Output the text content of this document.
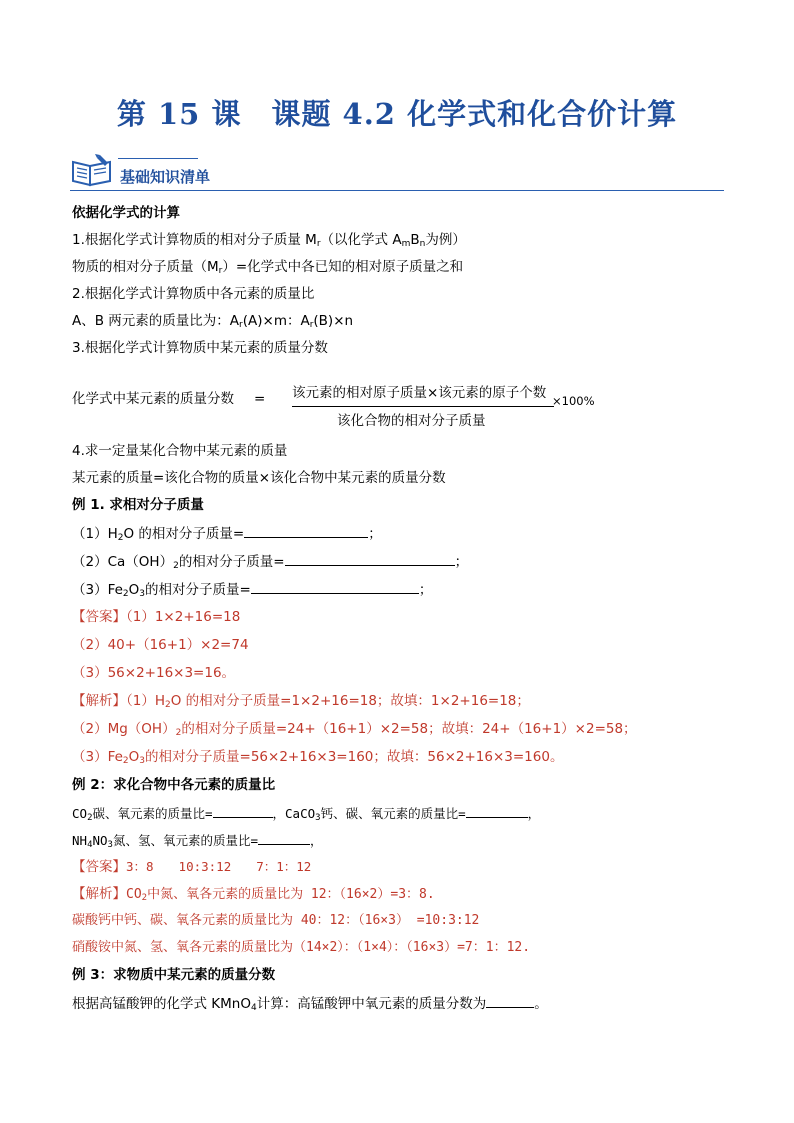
第 15 课　课题 4.2 化学式和化合价计算
基础知识清单
依据化学式的计算
1.根据化学式计算物质的相对分子质量 $M_r$（以化学式 $A_mB_n$为例）
物质的相对分子质量$(M_r)=$化学式中各已知的相对原子质量之和
2.根据化学式计算物质中各元素的质量比
A、B 两元素的质量比为：$A_r(A)\times m$：$A_r(B)\times n$
3.根据化学式计算物质中某元素的质量分数
化学式中某元素的质量分数 = 该元素的相对原子质量×该元素的原子个数 ×100%
该化合物的相对分子质量
4.求一定量某化合物中某元素的质量
某元素的质量=该化合物的质量×该化合物中某元素的质量分数
例 1. 求相对分子质量
$(1)H_2O$ 的相对分子质量=	；
$(2)Ca(OH)_2$的相对分子质量=	；
$(3)Fe_2O_3$的相对分子质量=	；
【答案】（1）1×2+16=18
（2）40+（16+1）×2=74
（3）56×2+16×3=16。
【解析】$(1)H_2O$ 的相对分子质量=1×2+16=18；故填：1×2+16=18；
$(2)Mg(OH)_2$的相对分子质量=24+（16+1）×2=58；故填：24+（16+1）×2=58；
$(3)Fe_2O_3$的相对分子质量=56×2+16×3=160；故填：56×2+16×3=160。
例 2：求化合物中各元素的质量比
$CO_2$碳、氧元素的质量比=	，CaCO$_3$钙、碳、氧元素的质量比=	，
$NH_4NO_3$氮、氢、氧元素的质量比=	，
【答案】3：8　　10:3:12　　7：1：12
【解析】$CO_2$中氮、氧各元素的质量比为 12：（16×2）=3：8.
碳酸钙中钙、碳、氧各元素的质量比为 40：12：（16×3） =10:3:12
硝酸铵中氮、氢、氧各元素的质量比为（14×2）：（1×4）：（16×3）=7：1：12.
例 3：求物质中某元素的质量分数
根据高锰酸钾的化学式 KMnO$_4$计算：高锰酸钾中氧元素的质量分数为	。
